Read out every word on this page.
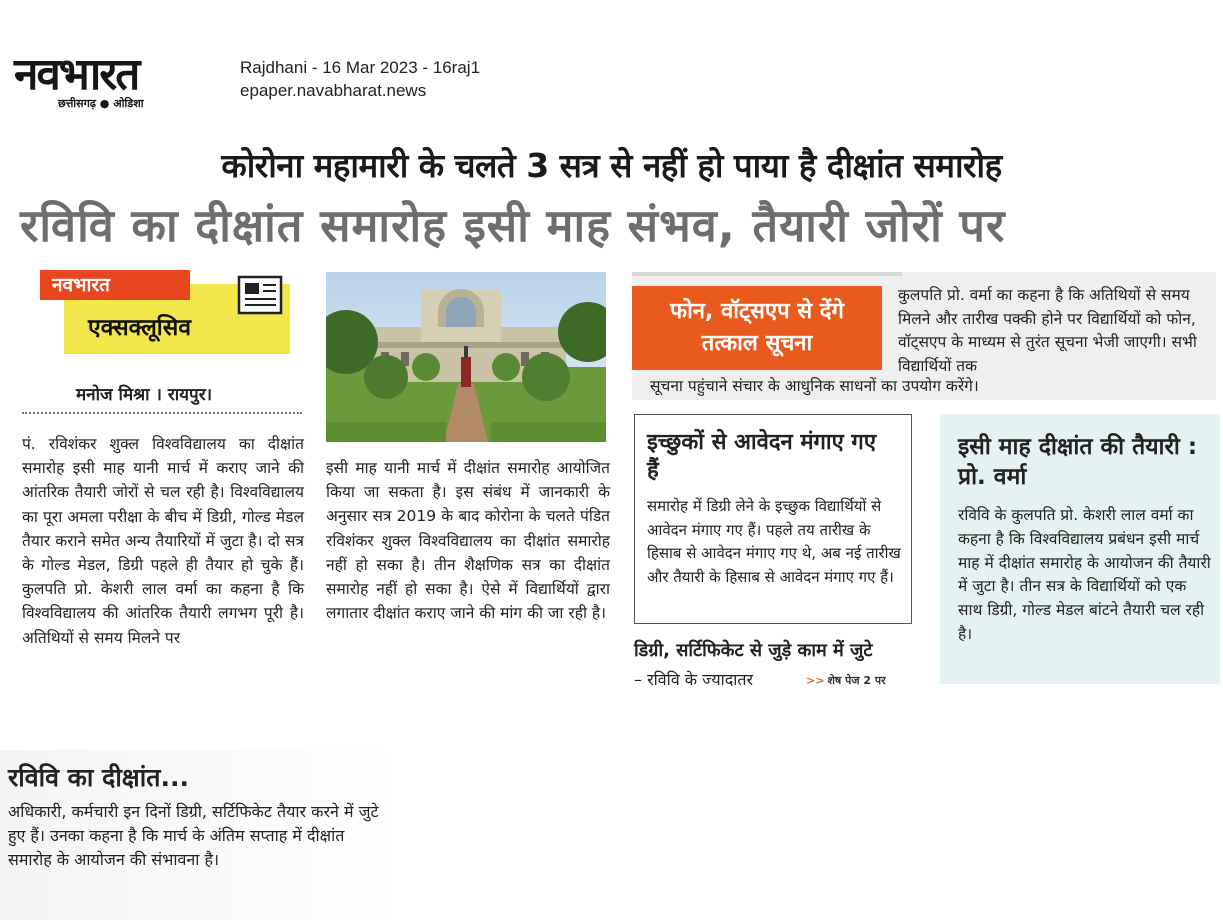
नवभारत
छत्तीसगढ़ ● ओडिशा
Rajdhani - 16 Mar 2023 - 16raj1
epaper.navabharat.news
कोरोना महामारी के चलते 3 सत्र से नहीं हो पाया है दीक्षांत समारोह
रविवि का दीक्षांत समारोह इसी माह संभव, तैयारी जोरों पर
नवभारत
एक्सक्लूसिव
मनोज मिश्रा । रायपुर।
पं. रविशंकर शुक्ल विश्वविद्यालय का दीक्षांत समारोह इसी माह यानी मार्च में कराए जाने की आंतरिक तैयारी जोरों से चल रही है। विश्वविद्यालय का पूरा अमला परीक्षा के बीच में डिग्री, गोल्ड मेडल तैयार कराने समेत अन्य तैयारियों में जुटा है। दो सत्र के गोल्ड मेडल, डिग्री पहले ही तैयार हो चुके हैं। कुलपति प्रो. केशरी लाल वर्मा का कहना है कि विश्वविद्यालय की आंतरिक तैयारी लगभग पूरी है। अतिथियों से समय मिलने पर
इसी माह यानी मार्च में दीक्षांत समारोह आयोजित किया जा सकता है। इस संबंध में जानकारी के अनुसार सत्र 2019 के बाद कोरोना के चलते पंडित रविशंकर शुक्ल विश्वविद्यालय का दीक्षांत समारोह नहीं हो सका है। तीन शैक्षणिक सत्र का दीक्षांत समारोह नहीं हो सका है। ऐसे में विद्यार्थियों द्वारा लगातार दीक्षांत कराए जाने की मांग की जा रही है।
फोन, वॉट्सएप से देंगे
तत्काल सूचना
कुलपति प्रो. वर्मा का कहना है कि अतिथियों से समय मिलने और तारीख पक्की होने पर विद्यार्थियों को फोन, वॉट्सएप के माध्यम से तुरंत सूचना भेजी जाएगी। सभी विद्यार्थियों तक
सूचना पहुंचाने संचार के आधुनिक साधनों का उपयोग करेंगे।
इच्छुकों से आवेदन मंगाए गए हैं
समारोह में डिग्री लेने के इच्छुक विद्यार्थियों से आवेदन मंगाए गए हैं। पहले तय तारीख के हिसाब से आवेदन मंगाए गए थे, अब नई तारीख और तैयारी के हिसाब से आवेदन मंगाए गए हैं।
डिग्री, सर्टिफिकेट से जुड़े काम में जुटे
– रविवि के ज्यादातर	>> शेष पेज 2 पर
इसी माह दीक्षांत की तैयारी : प्रो. वर्मा
रविवि के कुलपति प्रो. केशरी लाल वर्मा का कहना है कि विश्वविद्यालय प्रबंधन इसी मार्च माह में दीक्षांत समारोह के आयोजन की तैयारी में जुटा है। तीन सत्र के विद्यार्थियों को एक साथ डिग्री, गोल्ड मेडल बांटने तैयारी चल रही है।
रविवि का दीक्षांत...
अधिकारी, कर्मचारी इन दिनों डिग्री, सर्टिफिकेट तैयार करने में जुटे हुए हैं। उनका कहना है कि मार्च के अंतिम सप्ताह में दीक्षांत समारोह के आयोजन की संभावना है।
